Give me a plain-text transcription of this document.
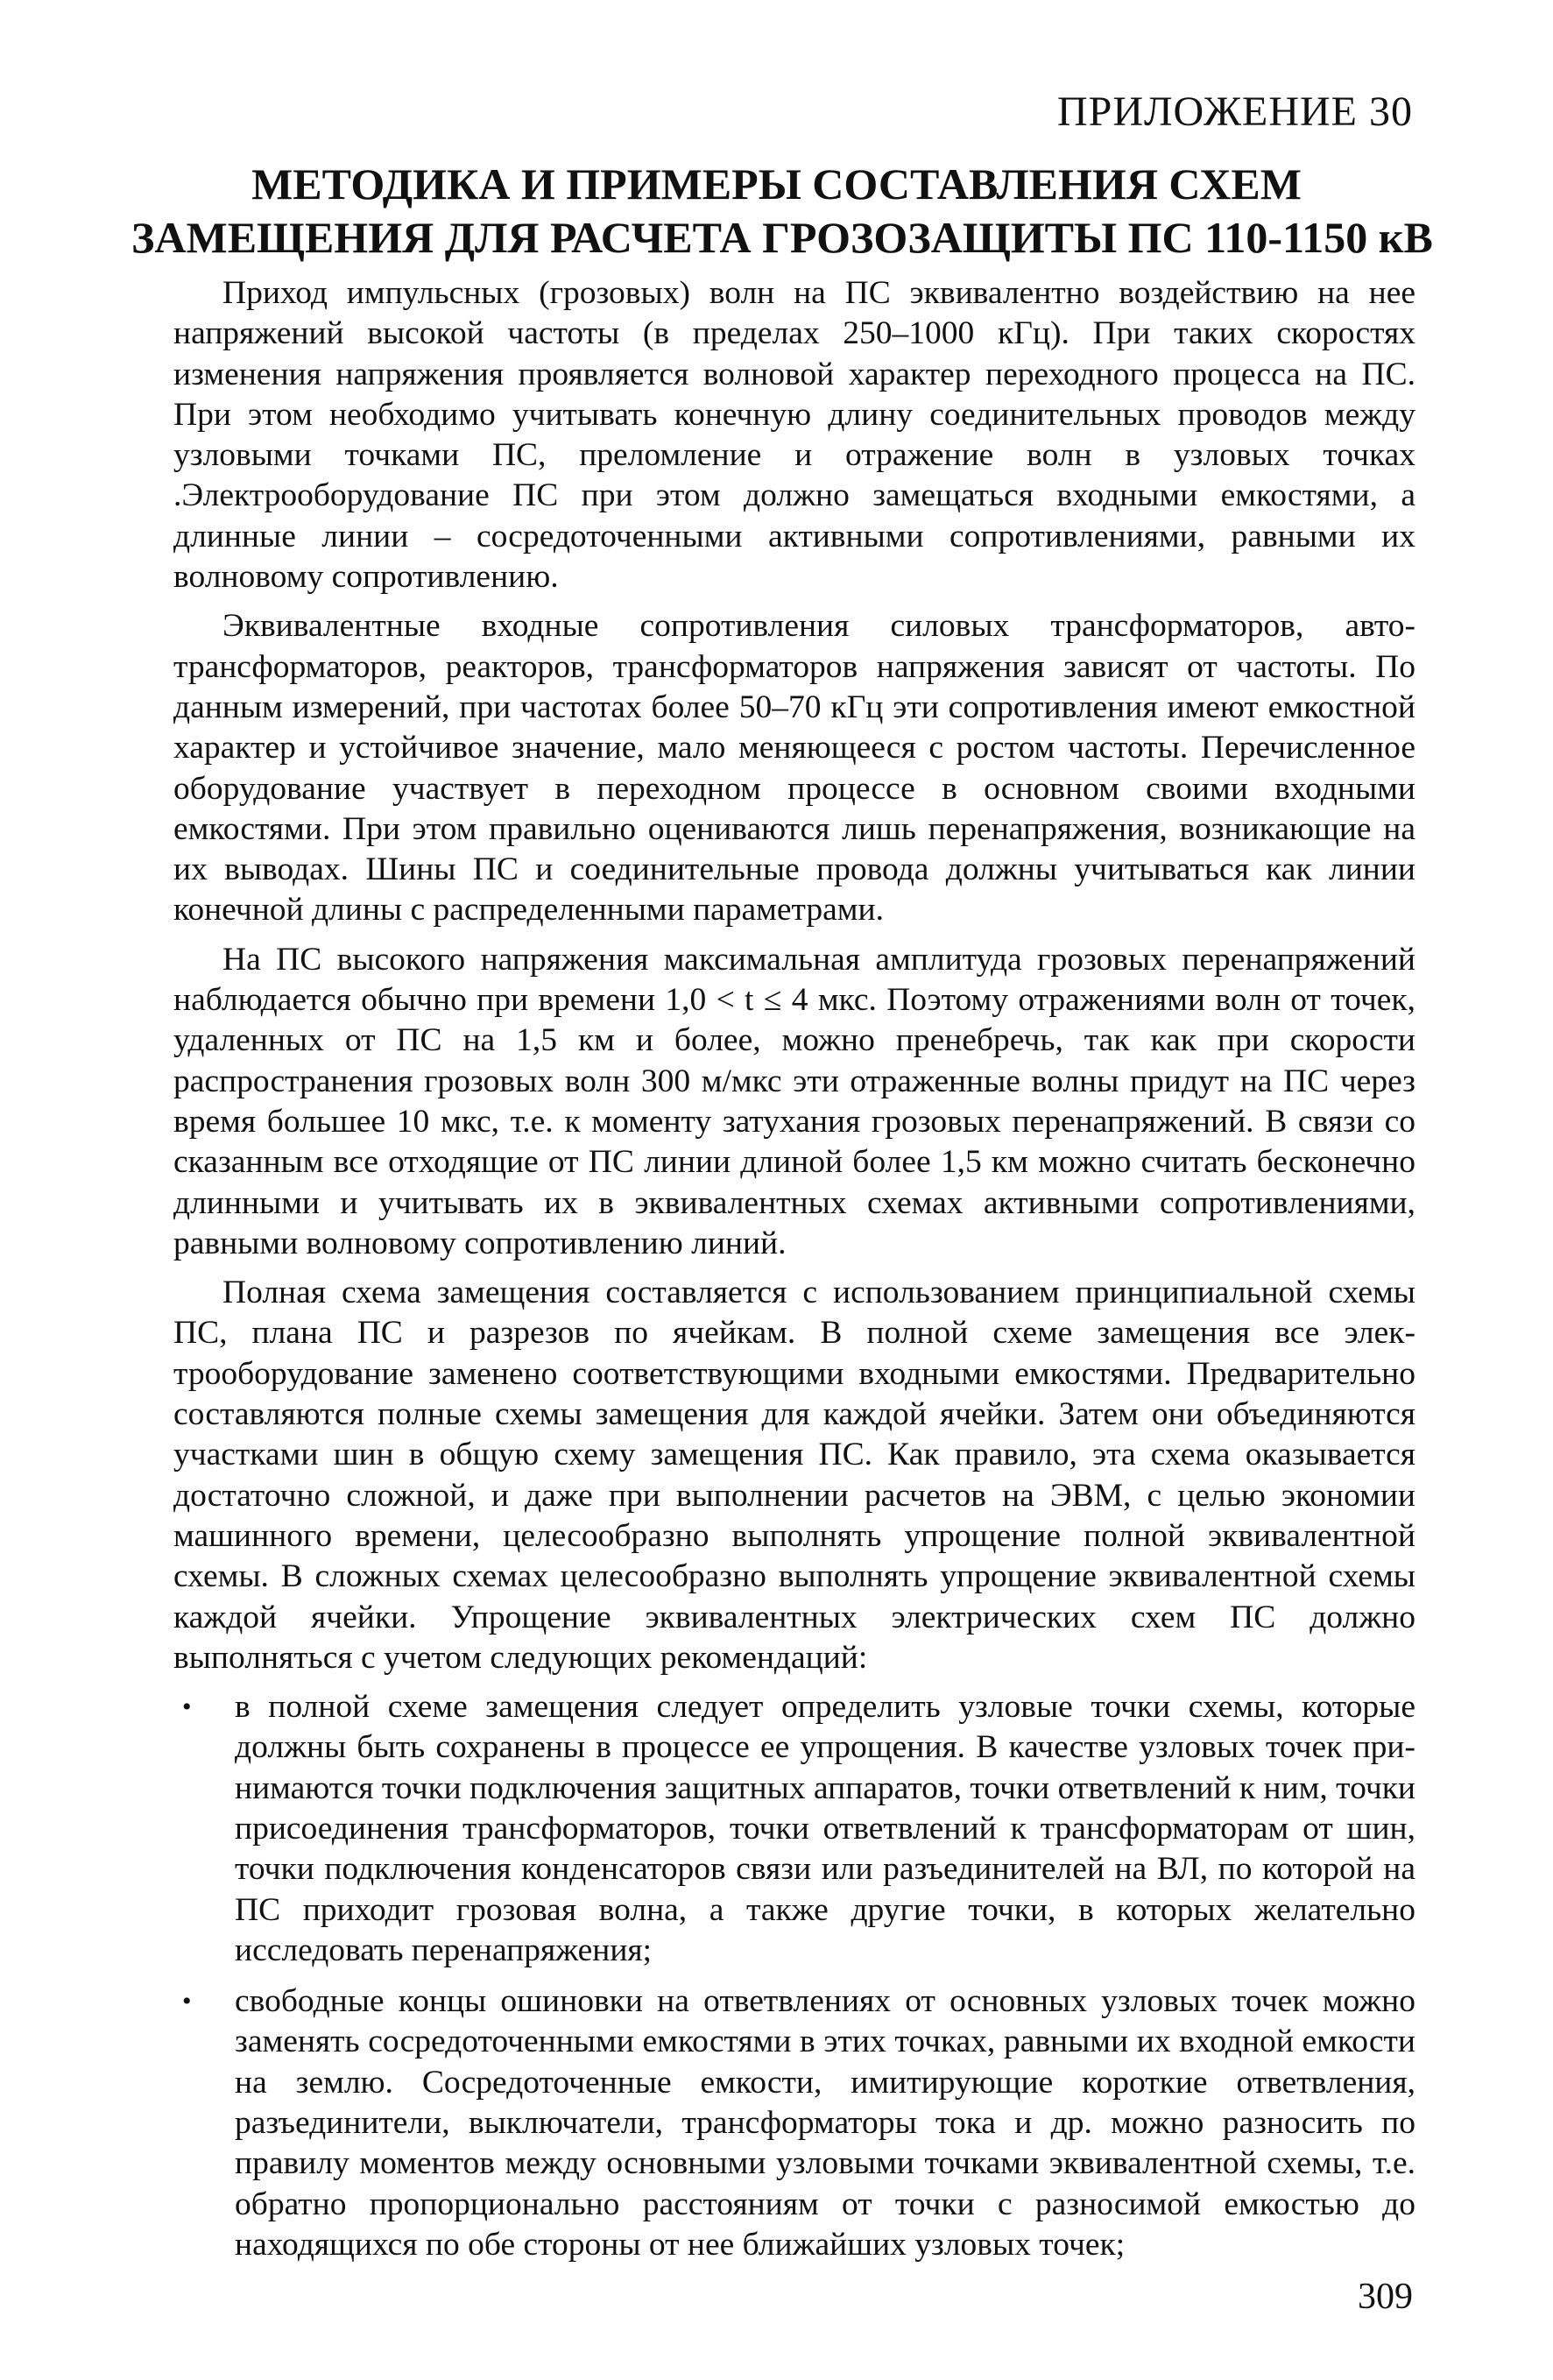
ПРИЛОЖЕНИЕ 30
МЕТОДИКА И ПРИМЕРЫ СОСТАВЛЕНИЯ СХЕМ
ЗАМЕЩЕНИЯ ДЛЯ РАСЧЕТА ГРОЗОЗАЩИТЫ ПС 110-1150 кВ

Приход импульсных (грозовых) волн на ПС эквивалентно воздействию на нее напряжений высокой частоты (в пределах 250–1000 кГц). При таких скоростях изменения напряжения проявляется волновой характер переходного процесса на ПС. При этом необходимо учитывать конечную длину соединительных проводов между узловыми точками ПС, преломление и отражение волн в узловых точках .Электрооборудование ПС при этом должно замещаться входными емкостями, а длинные линии – сосредоточенными активными сопротивлениями, равными их волновому сопротивлению.

Эквивалентные входные сопротивления силовых трансформаторов, автотрансформаторов, реакторов, трансформаторов напряжения зависят от частоты. По данным измерений, при частотах более 50–70 кГц эти сопротивления имеют емкостной характер и устойчивое значение, мало меняющееся с ростом частоты. Перечисленное оборудование участвует в переходном процессе в основном своими входными емкостями. При этом правильно оцениваются лишь перенапряжения, возникающие на их выводах. Шины ПС и соединительные провода должны учитываться как линии конечной длины с распределенными параметрами.

На ПС высокого напряжения максимальная амплитуда грозовых перенапряжений наблюдается обычно при времени 1,0 < t ≤ 4 мкс. Поэтому отражениями волн от точек, удаленных от ПС на 1,5 км и более, можно пренебречь, так как при скорости распространения грозовых волн 300 м/мкс эти отраженные волны придут на ПС через время большее 10 мкс, т.е. к моменту затухания грозовых перенапряжений. В связи со сказанным все отходящие от ПС линии длиной более 1,5 км можно считать бесконечно длинными и учитывать их в эквивалентных схемах активными сопротивлениями, равными волновому сопротивлению линий.

Полная схема замещения составляется с использованием принципиальной схемы ПС, плана ПС и разрезов по ячейкам. В полной схеме замещения все электрооборудование заменено соответствующими входными емкостями. Предварительно составляются полные схемы замещения для каждой ячейки. Затем они объединяются участками шин в общую схему замещения ПС. Как правило, эта схема оказывается достаточно сложной, и даже при выполнении расчетов на ЭВМ, с целью экономии машинного времени, целесообразно выполнять упрощение полной эквивалентной схемы. В сложных схемах целесообразно выполнять упрощение эквивалентной схемы каждой ячейки. Упрощение эквивалентных электрических схем ПС должно выполняться с учетом следующих рекомендаций:

• в полной схеме замещения следует определить узловые точки схемы, которые должны быть сохранены в процессе ее упрощения. В качестве узловых точек принимаются точки подключения защитных аппаратов, точки ответвлений к ним, точки присоединения трансформаторов, точки ответвлений к трансформаторам от шин, точки подключения конденсаторов связи или разъединителей на ВЛ, по которой на ПС приходит грозовая волна, а также другие точки, в которых желательно исследовать перенапряжения;
• свободные концы ошиновки на ответвлениях от основных узловых точек можно заменять сосредоточенными емкостями в этих точках, равными их входной емкости на землю. Сосредоточенные емкости, имитирующие короткие ответвления, разъединители, выключатели, трансформаторы тока и др. можно разносить по правилу моментов между основными узловыми точками эквивалентной схемы, т.е. обратно пропорционально расстояниям от точки с разносимой емкостью до находящихся по обе стороны от нее ближайших узловых точек;
309
